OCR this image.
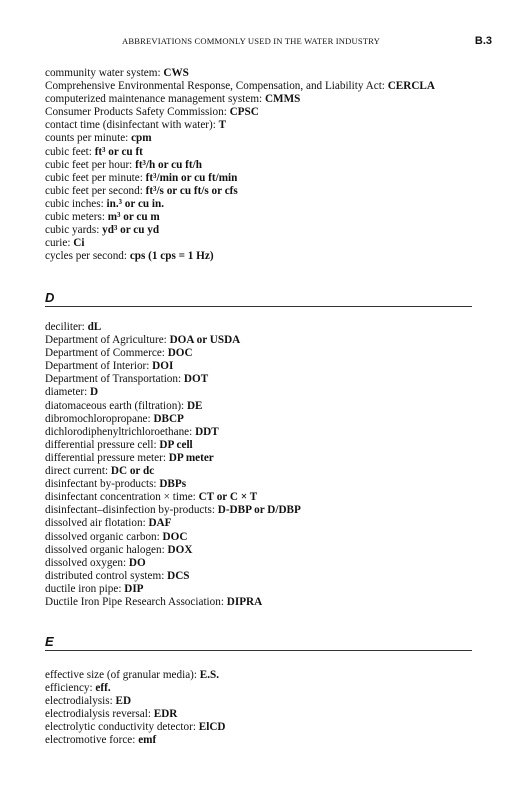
ABBREVIATIONS COMMONLY USED IN THE WATER INDUSTRY	B.3
community water system: CWS
Comprehensive Environmental Response, Compensation, and Liability Act: CERCLA
computerized maintenance management system: CMMS
Consumer Products Safety Commission: CPSC
contact time (disinfectant with water): T
counts per minute: cpm
cubic feet: ft³ or cu ft
cubic feet per hour: ft³/h or cu ft/h
cubic feet per minute: ft³/min or cu ft/min
cubic feet per second: ft³/s or cu ft/s or cfs
cubic inches: in.³ or cu in.
cubic meters: m³ or cu m
cubic yards: yd³ or cu yd
curie: Ci
cycles per second: cps (1 cps = 1 Hz)
D
deciliter: dL
Department of Agriculture: DOA or USDA
Department of Commerce: DOC
Department of Interior: DOI
Department of Transportation: DOT
diameter: D
diatomaceous earth (filtration): DE
dibromochloropropane: DBCP
dichlorodiphenyltrichloroethane: DDT
differential pressure cell: DP cell
differential pressure meter: DP meter
direct current: DC or dc
disinfectant by-products: DBPs
disinfectant concentration × time: CT or C × T
disinfectant–disinfection by-products: D-DBP or D/DBP
dissolved air flotation: DAF
dissolved organic carbon: DOC
dissolved organic halogen: DOX
dissolved oxygen: DO
distributed control system: DCS
ductile iron pipe: DIP
Ductile Iron Pipe Research Association: DIPRA
E
effective size (of granular media): E.S.
efficiency: eff.
electrodialysis: ED
electrodialysis reversal: EDR
electrolytic conductivity detector: ElCD
electromotive force: emf
